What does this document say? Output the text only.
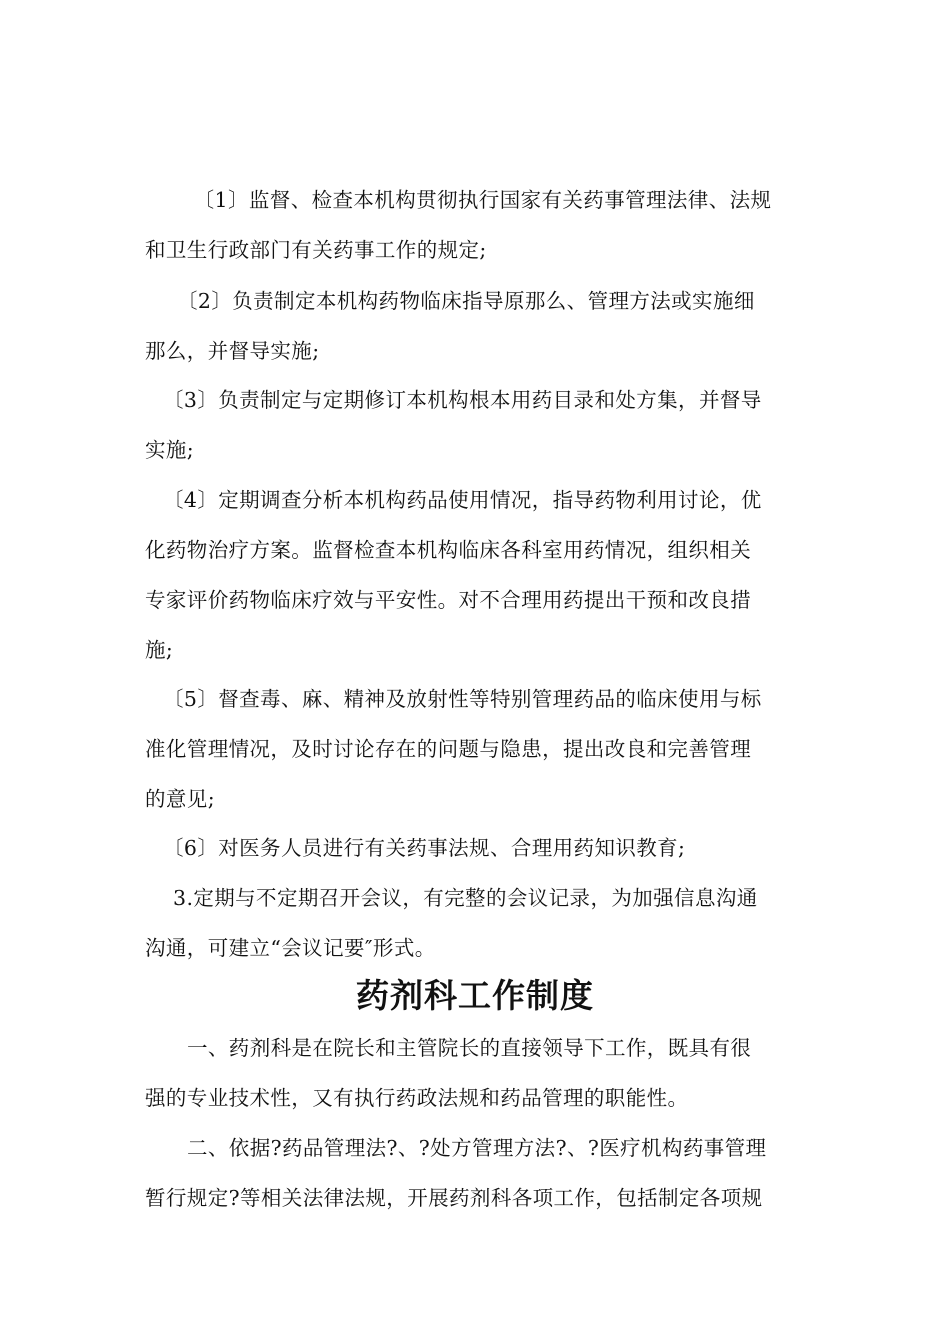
　〔1〕监督、检查本机构贯彻执行国家有关药事管理法律、法规
和卫生行政部门有关药事工作的规定;
〔2〕负责制定本机构药物临床指导原那么、管理方法或实施细
那么，并督导实施;
〔3〕负责制定与定期修订本机构根本用药目录和处方集，并督导
实施;
〔4〕定期调查分析本机构药品使用情况，指导药物利用讨论，优
化药物治疗方案。监督检查本机构临床各科室用药情况，组织相关
专家评价药物临床疗效与平安性。对不合理用药提出干预和改良措
施;
〔5〕督查毒、麻、精神及放射性等特别管理药品的临床使用与标
准化管理情况，及时讨论存在的问题与隐患，提出改良和完善管理
的意见;
〔6〕对医务人员进行有关药事法规、合理用药知识教育;
3.定期与不定期召开会议，有完整的会议记录，为加强信息沟通
沟通，可建立“会议记要″形式。
药剂科工作制度
一、药剂科是在院长和主管院长的直接领导下工作，既具有很
强的专业技术性，又有执行药政法规和药品管理的职能性。
二、依据?药品管理法?、?处方管理方法?、?医疗机构药事管理
暂行规定?等相关法律法规，开展药剂科各项工作，包括制定各项规
